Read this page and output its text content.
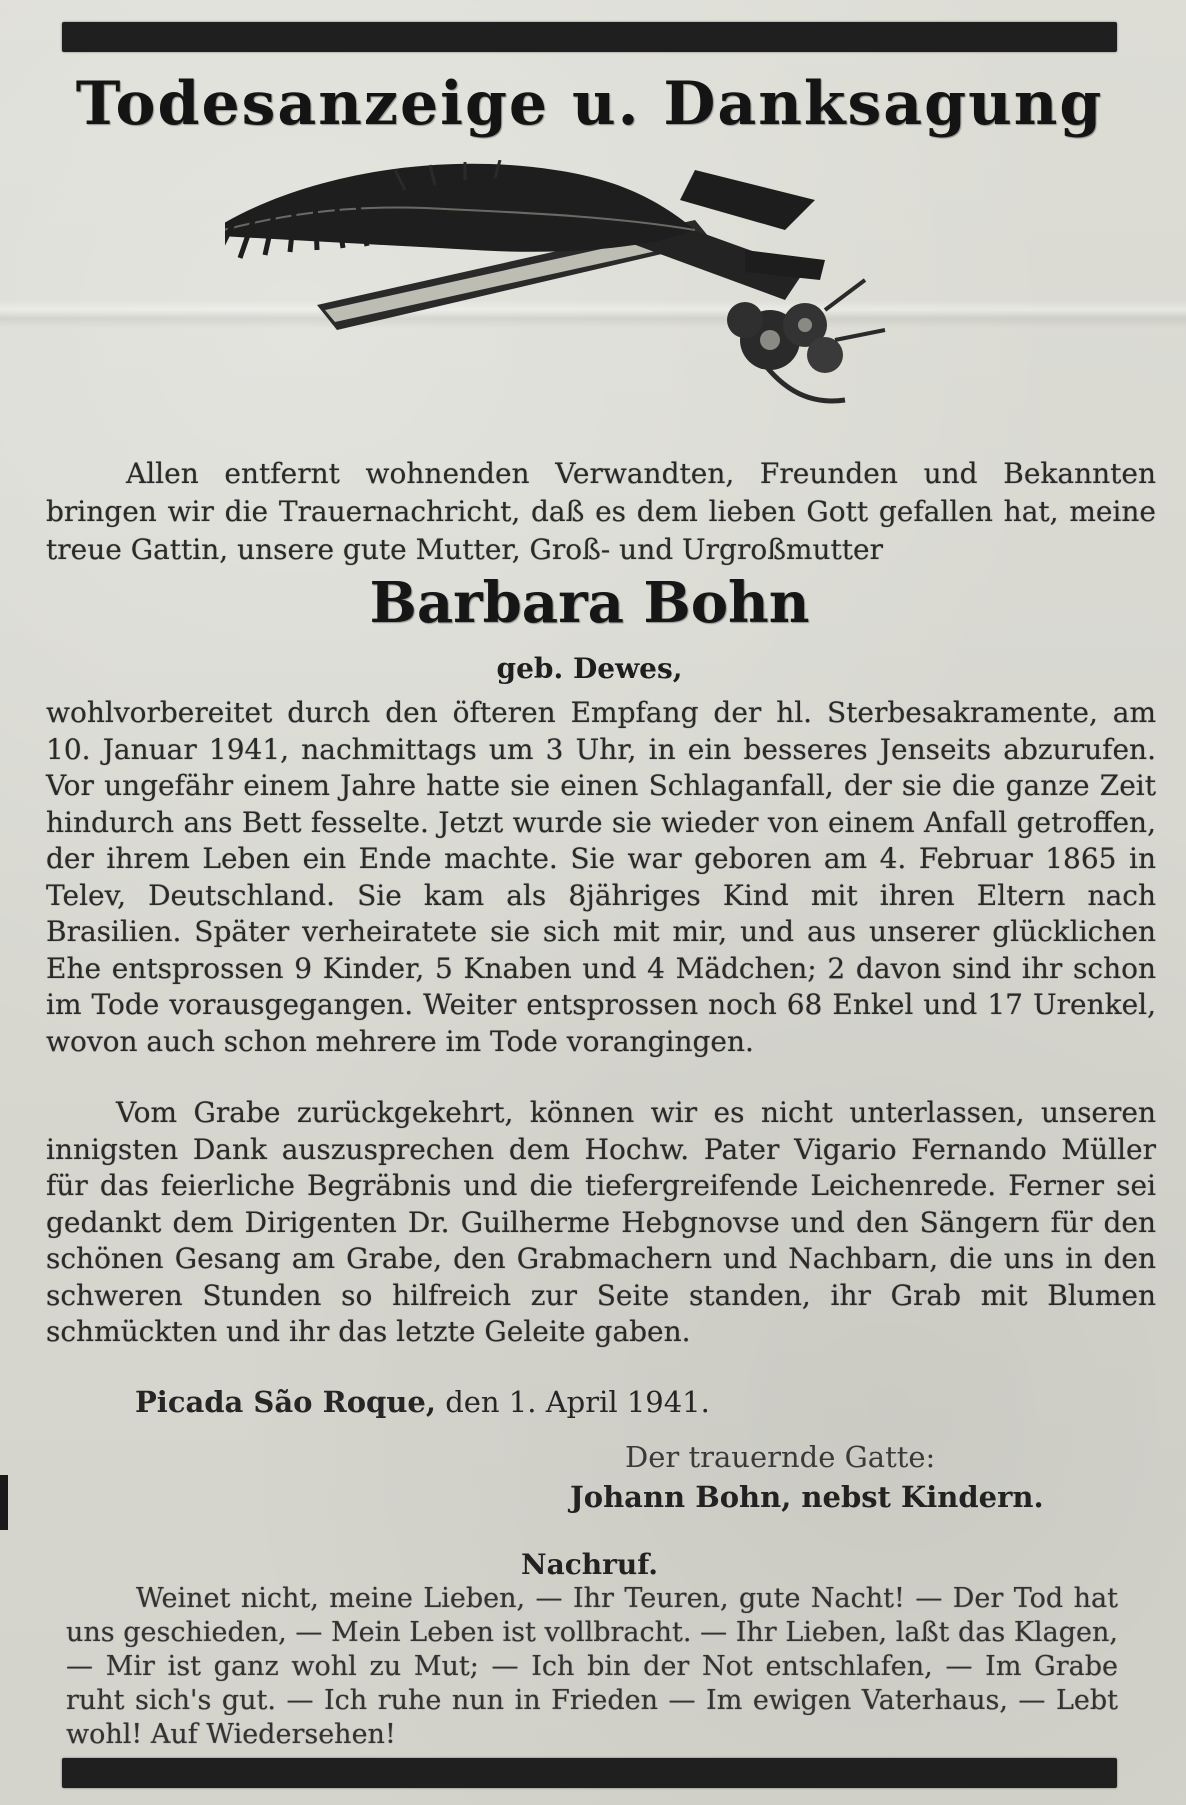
Todesanzeige u. Danksagung
Allen entfernt wohnenden Verwandten, Freunden und Bekannten bringen wir die Trauernachricht, daß es dem lieben Gott gefallen hat, meine treue Gattin, unsere gute Mutter, Groß- und Urgroßmutter
Barbara Bohn
geb. Dewes,
wohlvorbereitet durch den öfteren Empfang der hl. Sterbesakramente, am 10. Januar 1941, nachmittags um 3 Uhr, in ein besseres Jenseits abzurufen. Vor ungefähr einem Jahre hatte sie einen Schlaganfall, der sie die ganze Zeit hindurch ans Bett fesselte. Jetzt wurde sie wieder von einem Anfall getroffen, der ihrem Leben ein Ende machte. Sie war geboren am 4. Februar 1865 in Telev, Deutschland. Sie kam als 8jähriges Kind mit ihren Eltern nach Brasilien. Später verheiratete sie sich mit mir, und aus unserer glücklichen Ehe entsprossen 9 Kinder, 5 Knaben und 4 Mädchen; 2 davon sind ihr schon im Tode vorausgegangen. Weiter entsprossen noch 68 Enkel und 17 Urenkel, wovon auch schon mehrere im Tode vorangingen.
Vom Grabe zurückgekehrt, können wir es nicht unterlassen, unseren innigsten Dank auszusprechen dem Hochw. Pater Vigario Fernando Müller für das feierliche Begräbnis und die tiefergreifende Leichenrede. Ferner sei gedankt dem Dirigenten Dr. Guilherme Hebgnovse und den Sängern für den schönen Gesang am Grabe, den Grabmachern und Nachbarn, die uns in den schweren Stunden so hilfreich zur Seite standen, ihr Grab mit Blumen schmückten und ihr das letzte Geleite gaben.
Picada São Roque, den 1. April 1941.
Der trauernde Gatte:
Johann Bohn, nebst Kindern.
Nachruf.
Weinet nicht, meine Lieben, — Ihr Teuren, gute Nacht! — Der Tod hat uns geschieden, — Mein Leben ist vollbracht. — Ihr Lieben, laßt das Klagen, — Mir ist ganz wohl zu Mut; — Ich bin der Not entschlafen, — Im Grabe ruht sich's gut. — Ich ruhe nun in Frieden — Im ewigen Vaterhaus, — Lebt wohl! Auf Wiedersehen!
